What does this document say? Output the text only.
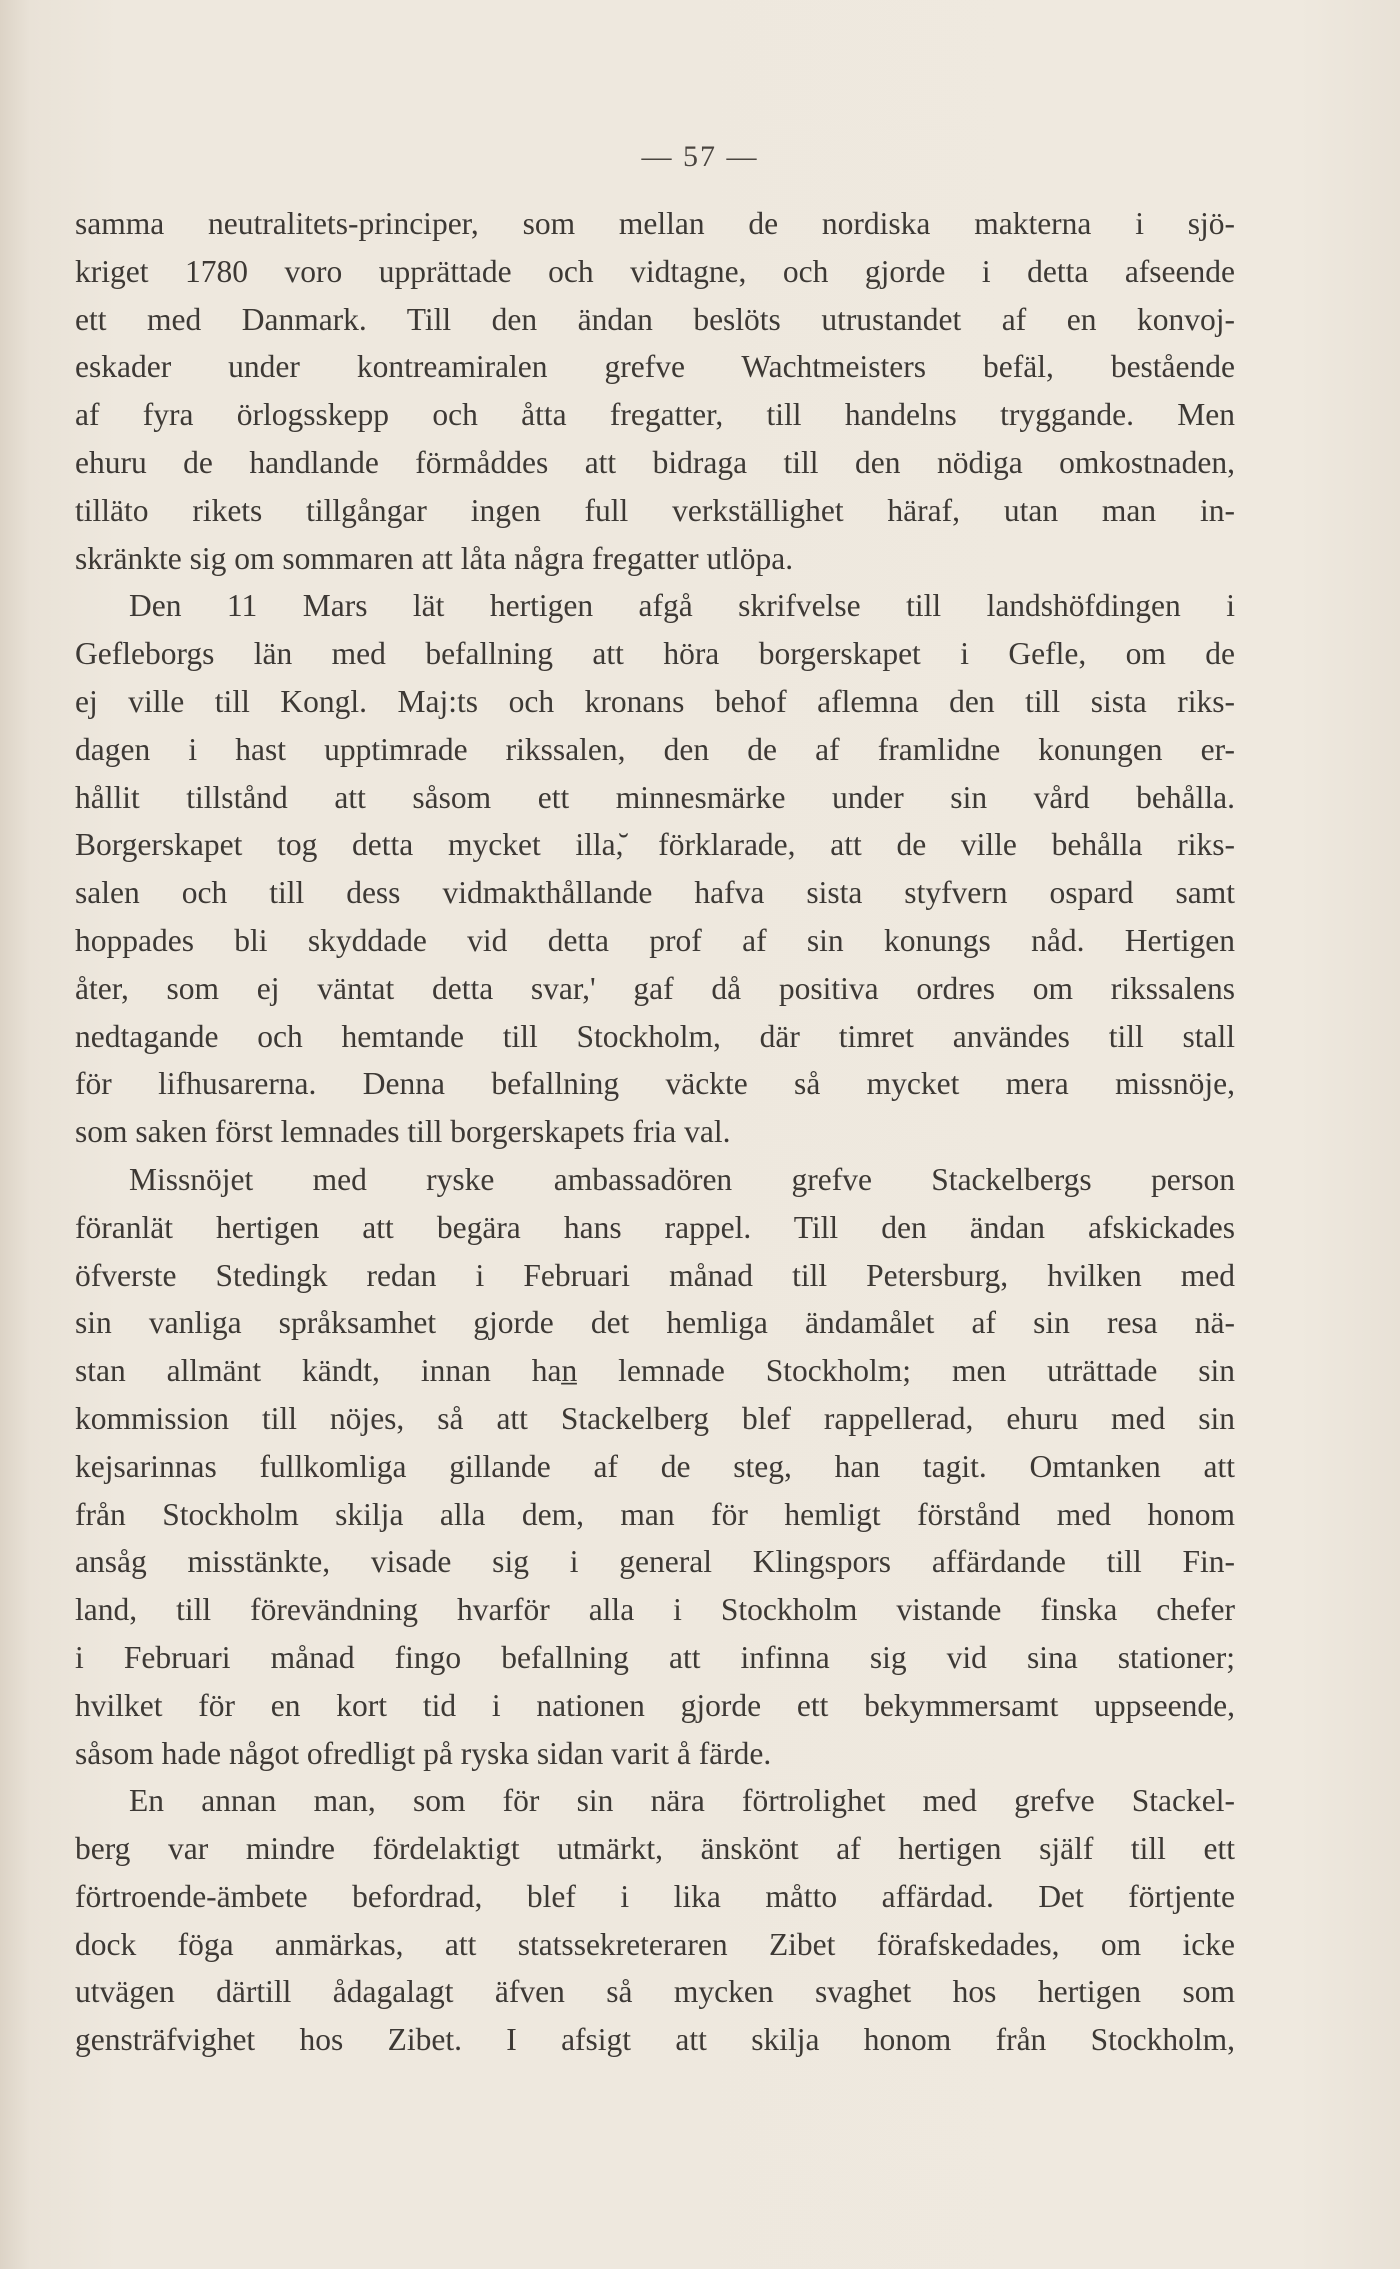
— 57 —
samma neutralitets-principer, som mellan de nordiska makterna i sjö-
kriget 1780 voro upprättade och vidtagne, och gjorde i detta afseende
ett med Danmark. Till den ändan beslöts utrustandet af en konvoj-
eskader under kontreamiralen grefve Wachtmeisters befäl, bestående
af fyra örlogsskepp och åtta fregatter, till handelns tryggande. Men
ehuru de handlande förmåddes att bidraga till den nödiga omkostnaden,
tilläto rikets tillgångar ingen full verkställighet häraf, utan man in-
skränkte sig om sommaren att låta några fregatter utlöpa.
Den 11 Mars lät hertigen afgå skrifvelse till landshöfdingen i
Gefleborgs län med befallning att höra borgerskapet i Gefle, om de
ej ville till Kongl. Maj:ts och kronans behof aflemna den till sista riks-
dagen i hast upptimrade rikssalen, den de af framlidne konungen er-
hållit tillstånd att såsom ett minnesmärke under sin vård behålla.
Borgerskapet tog detta mycket illa,̆ förklarade, att de ville behålla riks-
salen och till dess vidmakthållande hafva sista styfvern ospard samt
hoppades bli skyddade vid detta prof af sin konungs nåd. Hertigen
åter, som ej väntat detta svar,' gaf då positiva ordres om rikssalens
nedtagande och hemtande till Stockholm, där timret användes till stall
för lifhusarerna. Denna befallning väckte så mycket mera missnöje,
som saken först lemnades till borgerskapets fria val.
Missnöjet med ryske ambassadören grefve Stackelbergs person
föranlät hertigen att begära hans rappel. Till den ändan afskickades
öfverste Stedingk redan i Februari månad till Petersburg, hvilken med
sin vanliga språksamhet gjorde det hemliga ändamålet af sin resa nä-
stan allmänt kändt, innan han̲ lemnade Stockholm; men uträttade sin
kommission till nöjes, så att Stackelberg blef rappellerad, ehuru med sin
kejsarinnas fullkomliga gillande af de steg, han tagit. Omtanken att
från Stockholm skilja alla dem, man för hemligt förstånd med honom
ansåg misstänkte, visade sig i general Klingspors affärdande till Fin-
land, till förevändning hvarför alla i Stockholm vistande finska chefer
i Februari månad fingo befallning att infinna sig vid sina stationer;
hvilket för en kort tid i nationen gjorde ett bekymmersamt uppseende,
såsom hade något ofredligt på ryska sidan varit å färde.
En annan man, som för sin nära förtrolighet med grefve Stackel-
berg var mindre fördelaktigt utmärkt, änskönt af hertigen själf till ett
förtroende-ämbete befordrad, blef i lika måtto affärdad. Det förtjente
dock föga anmärkas, att statssekreteraren Zibet förafskedades, om icke
utvägen därtill ådagalagt äfven så mycken svaghet hos hertigen som
gensträfvighet hos Zibet. I afsigt att skilja honom från Stockholm,
